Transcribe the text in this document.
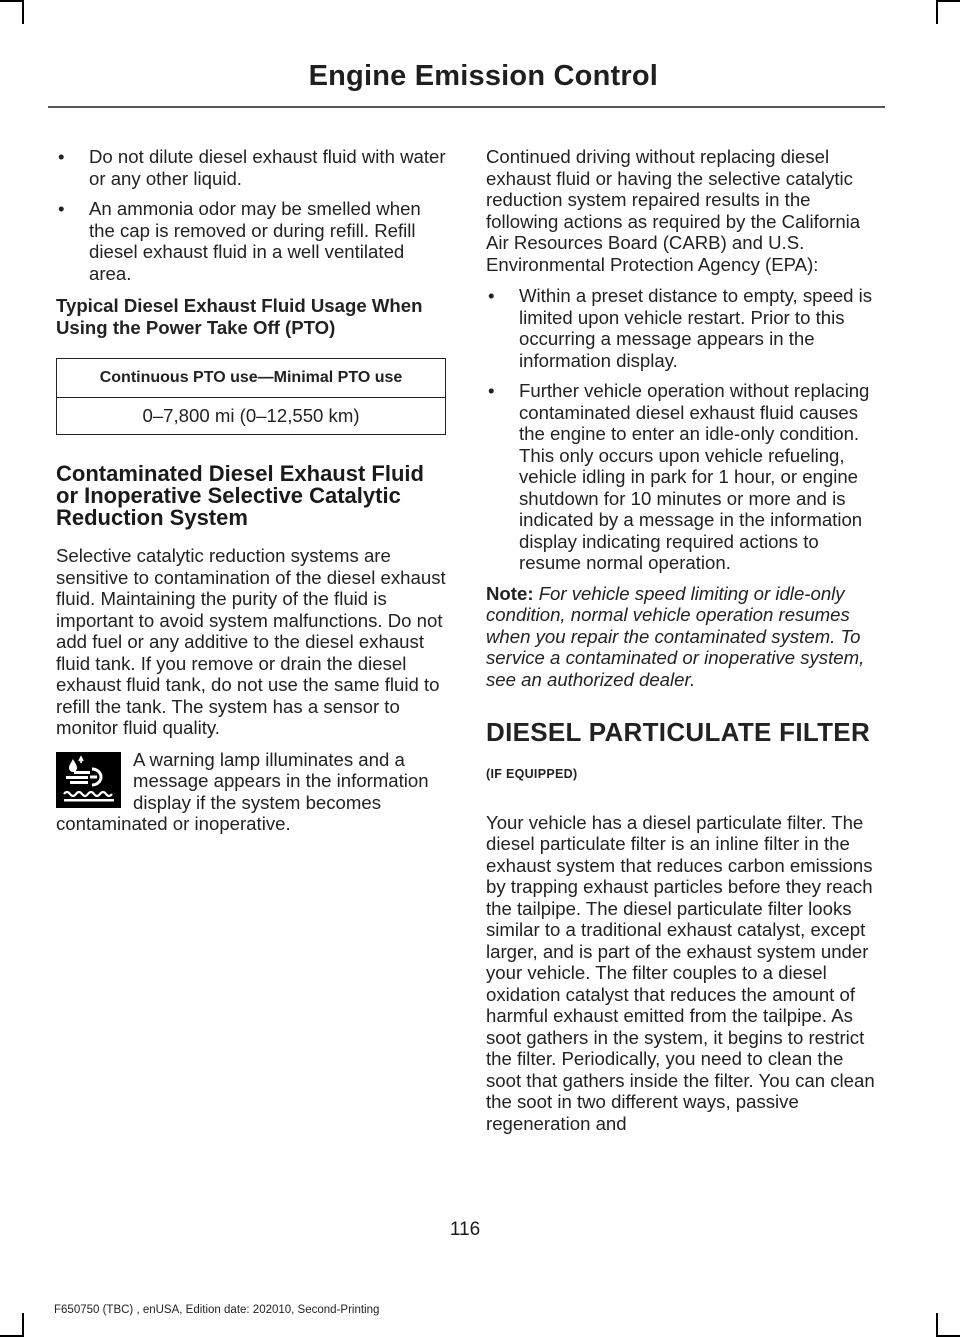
Engine Emission Control
• Do not dilute diesel exhaust fluid with water or any other liquid.
• An ammonia odor may be smelled when the cap is removed or during refill. Refill diesel exhaust fluid in a well ventilated area.

Typical Diesel Exhaust Fluid Usage When Using the Power Take Off (PTO)

Continuous PTO use—Minimal PTO use
0–7,800 mi (0–12,550 km)
Contaminated Diesel Exhaust Fluid or Inoperative Selective Catalytic Reduction System

Selective catalytic reduction systems are sensitive to contamination of the diesel exhaust fluid. Maintaining the purity of the fluid is important to avoid system malfunctions. Do not add fuel or any additive to the diesel exhaust fluid tank. If you remove or drain the diesel exhaust fluid tank, do not use the same fluid to refill the tank. The system has a sensor to monitor fluid quality.

A warning lamp illuminates and a message appears in the information display if the system becomes contaminated or inoperative.

Continued driving without replacing diesel exhaust fluid or having the selective catalytic reduction system repaired results in the following actions as required by the California Air Resources Board (CARB) and U.S. Environmental Protection Agency (EPA):

• Within a preset distance to empty, speed is limited upon vehicle restart. Prior to this occurring a message appears in the information display.
• Further vehicle operation without replacing contaminated diesel exhaust fluid causes the engine to enter an idle-only condition. This only occurs upon vehicle refueling, vehicle idling in park for 1 hour, or engine shutdown for 10 minutes or more and is indicated by a message in the information display indicating required actions to resume normal operation.

Note: For vehicle speed limiting or idle-only condition, normal vehicle operation resumes when you repair the contaminated system. To service a contaminated or inoperative system, see an authorized dealer.

DIESEL PARTICULATE FILTER
(IF EQUIPPED)

Your vehicle has a diesel particulate filter. The diesel particulate filter is an inline filter in the exhaust system that reduces carbon emissions by trapping exhaust particles before they reach the tailpipe. The diesel particulate filter looks similar to a traditional exhaust catalyst, except larger, and is part of the exhaust system under your vehicle. The filter couples to a diesel oxidation catalyst that reduces the amount of harmful exhaust emitted from the tailpipe. As soot gathers in the system, it begins to restrict the filter. Periodically, you need to clean the soot that gathers inside the filter. You can clean the soot in two different ways, passive regeneration and

116
F650750 (TBC) , enUSA, Edition date: 202010, Second-Printing
